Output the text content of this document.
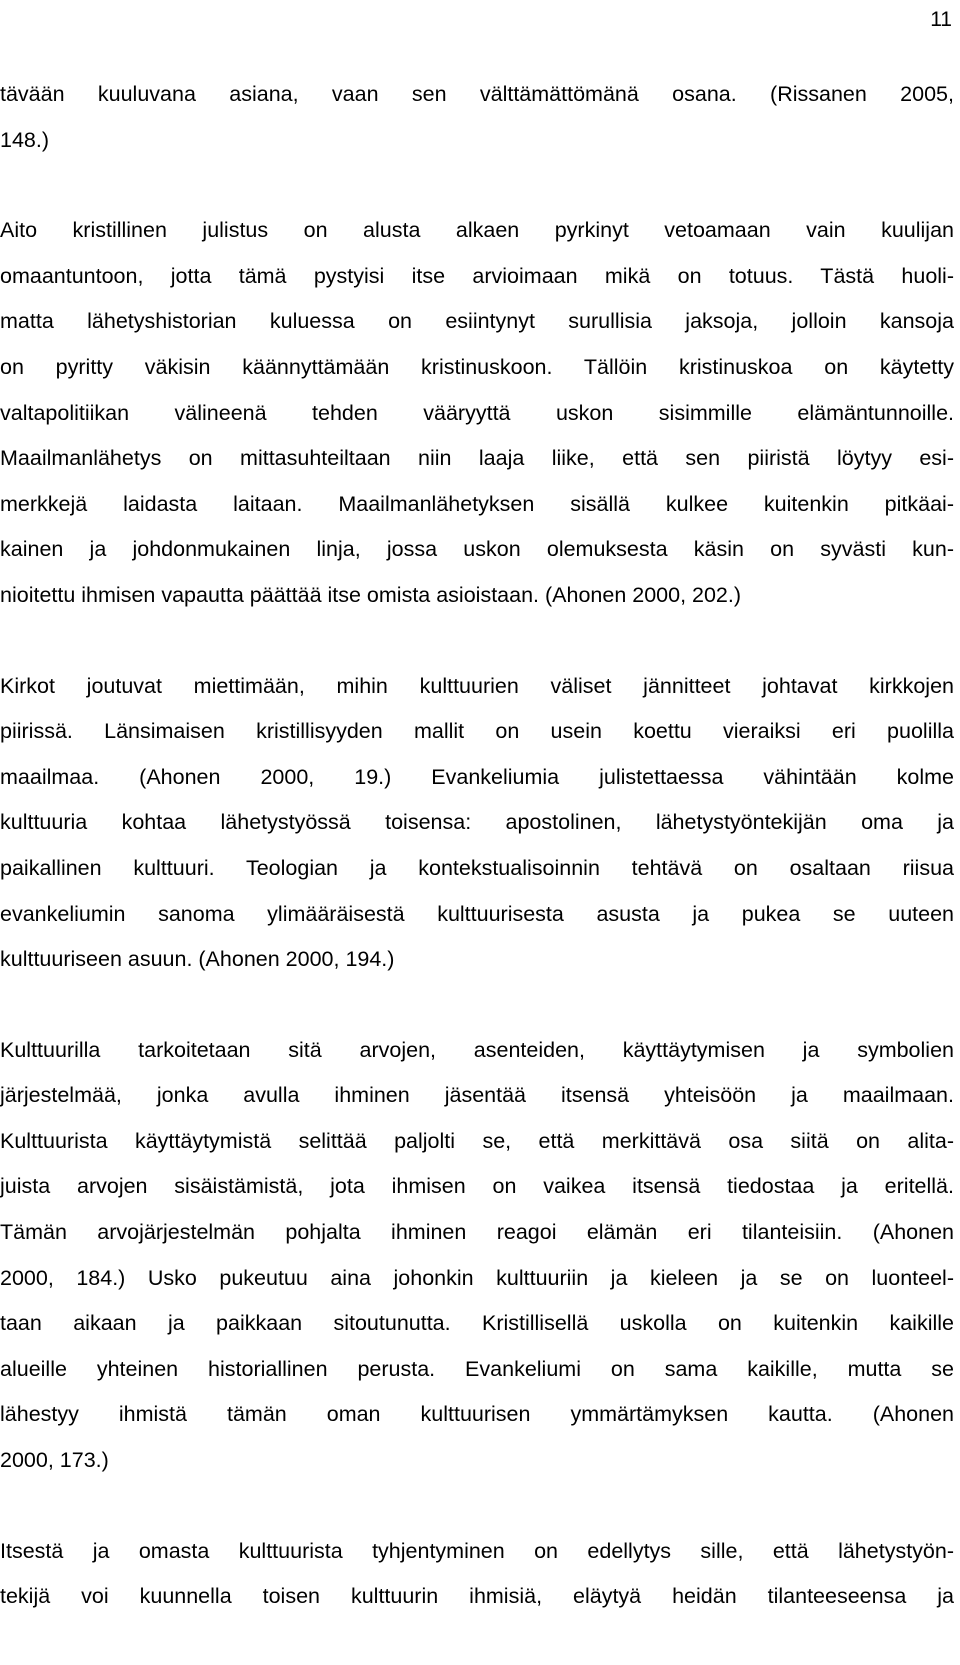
11
tävään kuuluvana asiana, vaan sen välttämättömänä osana. (Rissanen 2005,
148.)
Aito kristillinen julistus on alusta alkaen pyrkinyt vetoamaan vain kuulijan
omaantuntoon, jotta tämä pystyisi itse arvioimaan mikä on totuus. Tästä huoli-
matta lähetyshistorian kuluessa on esiintynyt surullisia jaksoja, jolloin kansoja
on pyritty väkisin käännyttämään kristinuskoon. Tällöin kristinuskoa on käytetty
valtapolitiikan välineenä tehden vääryyttä uskon sisimmille elämäntunnoille.
Maailmanlähetys on mittasuhteiltaan niin laaja liike, että sen piiristä löytyy esi-
merkkejä laidasta laitaan. Maailmanlähetyksen sisällä kulkee kuitenkin pitkäai-
kainen ja johdonmukainen linja, jossa uskon olemuksesta käsin on syvästi kun-
nioitettu ihmisen vapautta päättää itse omista asioistaan. (Ahonen 2000, 202.)
Kirkot joutuvat miettimään, mihin kulttuurien väliset jännitteet johtavat kirkkojen
piirissä. Länsimaisen kristillisyyden mallit on usein koettu vieraiksi eri puolilla
maailmaa. (Ahonen 2000, 19.) Evankeliumia julistettaessa vähintään kolme
kulttuuria kohtaa lähetystyössä toisensa: apostolinen, lähetystyöntekijän oma ja
paikallinen kulttuuri. Teologian ja kontekstualisoinnin tehtävä on osaltaan riisua
evankeliumin sanoma ylimääräisestä kulttuurisesta asusta ja pukea se uuteen
kulttuuriseen asuun. (Ahonen 2000, 194.)
Kulttuurilla tarkoitetaan sitä arvojen, asenteiden, käyttäytymisen ja symbolien
järjestelmää, jonka avulla ihminen jäsentää itsensä yhteisöön ja maailmaan.
Kulttuurista käyttäytymistä selittää paljolti se, että merkittävä osa siitä on alita-
juista arvojen sisäistämistä, jota ihmisen on vaikea itsensä tiedostaa ja eritellä.
Tämän arvojärjestelmän pohjalta ihminen reagoi elämän eri tilanteisiin. (Ahonen
2000, 184.) Usko pukeutuu aina johonkin kulttuuriin ja kieleen ja se on luonteel-
taan aikaan ja paikkaan sitoutunutta. Kristillisellä uskolla on kuitenkin kaikille
alueille yhteinen historiallinen perusta. Evankeliumi on sama kaikille, mutta se
lähestyy ihmistä tämän oman kulttuurisen ymmärtämyksen kautta. (Ahonen
2000, 173.)
Itsestä ja omasta kulttuurista tyhjentyminen on edellytys sille, että lähetystyön-
tekijä voi kuunnella toisen kulttuurin ihmisiä, eläytyä heidän tilanteeseensa ja
